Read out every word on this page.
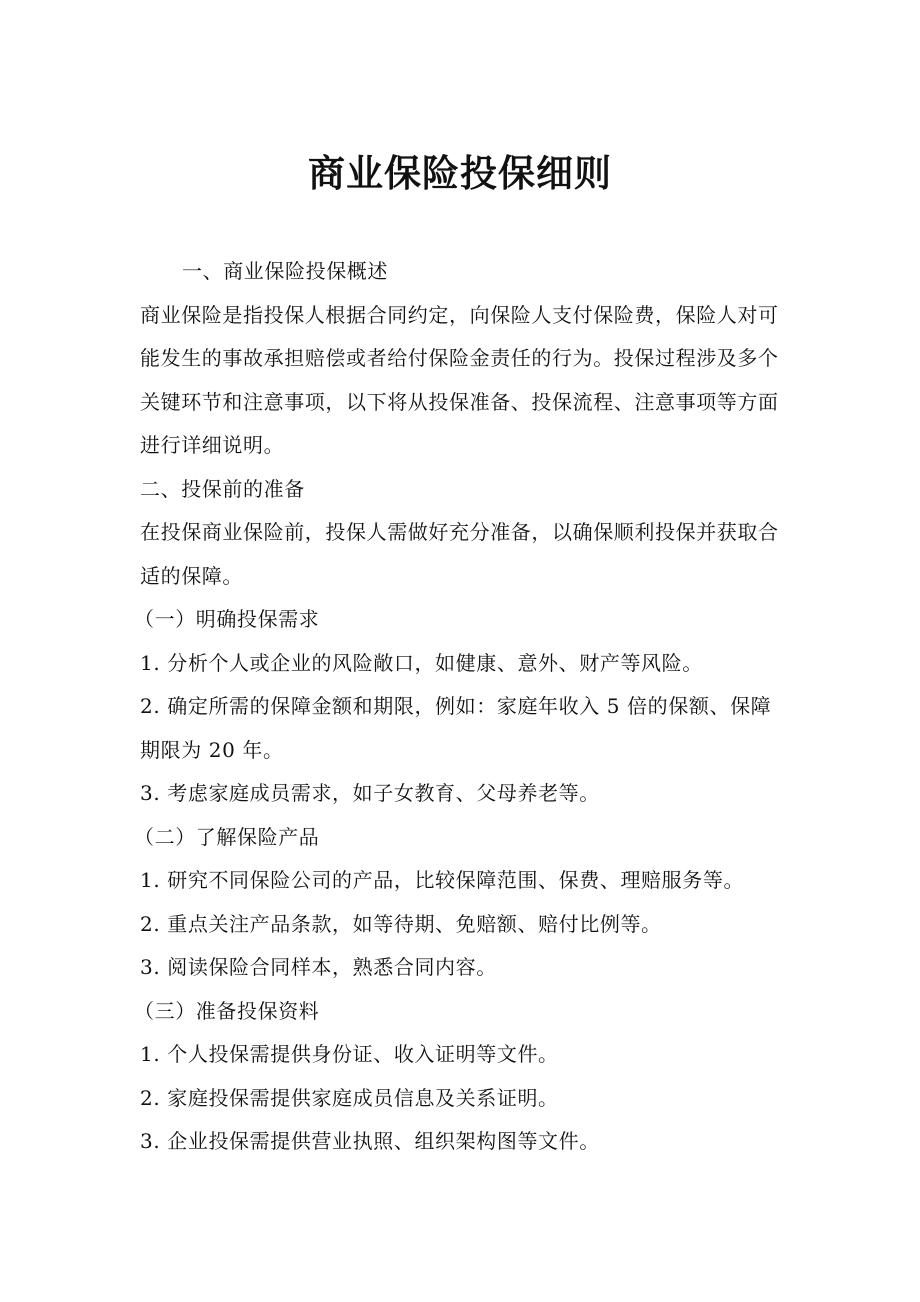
商业保险投保细则

一、商业保险投保概述

商业保险是指投保人根据合同约定，向保险人支付保险费，保险人对可能发生的事故承担赔偿或者给付保险金责任的行为。投保过程涉及多个关键环节和注意事项，以下将从投保准备、投保流程、注意事项等方面进行详细说明。

二、投保前的准备

在投保商业保险前，投保人需做好充分准备，以确保顺利投保并获取合适的保障。

（一）明确投保需求

1. 分析个人或企业的风险敞口，如健康、意外、财产等风险。

2. 确定所需的保障金额和期限，例如：家庭年收入 5 倍的保额、保障期限为 20 年。

3. 考虑家庭成员需求，如子女教育、父母养老等。

（二）了解保险产品

1. 研究不同保险公司的产品，比较保障范围、保费、理赔服务等。

2. 重点关注产品条款，如等待期、免赔额、赔付比例等。

3. 阅读保险合同样本，熟悉合同内容。

（三）准备投保资料

1. 个人投保需提供身份证、收入证明等文件。

2. 家庭投保需提供家庭成员信息及关系证明。

3. 企业投保需提供营业执照、组织架构图等文件。
